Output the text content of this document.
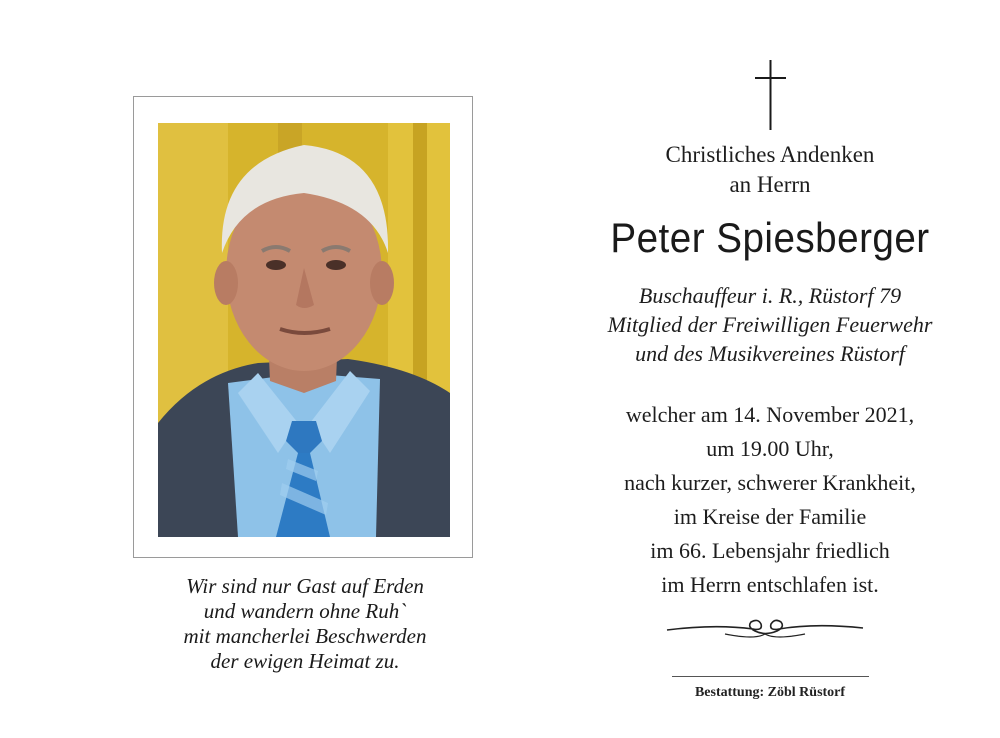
Wir sind nur Gast auf Erden
und wandern ohne Ruh`
mit mancherlei Beschwerden
der ewigen Heimat zu.
Christliches Andenken
an Herrn
Peter Spiesberger
Buschauffeur i. R., Rüstorf 79
Mitglied der Freiwilligen Feuerwehr
und des Musikvereines Rüstorf
welcher am 14. November 2021,
um 19.00 Uhr,
nach kurzer, schwerer Krankheit,
im Kreise der Familie
im 66. Lebensjahr friedlich
im Herrn entschlafen ist.
Bestattung: Zöbl Rüstorf
